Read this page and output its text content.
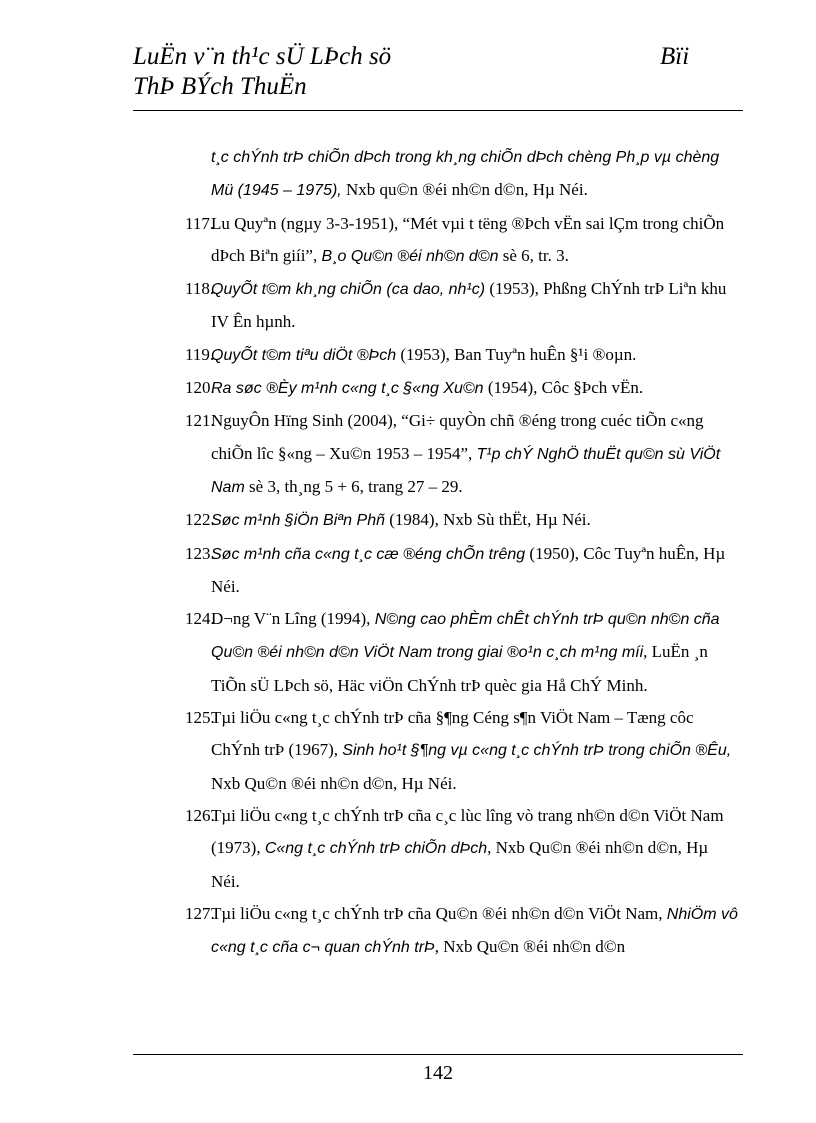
LuËn v¨n th¹c sÜ LÞch sö	Bïi
ThÞ BÝch ThuËn

t¸c chÝnh trÞ chiÕn dÞch trong kh¸ng chiÕn dÞch chèng Ph¸p vµ chèng Mü (1945 – 1975), Nxb qu©n ®éi nh©n d©n, Hµ Néi.

117.Lu Quyªn (ngµy 3-3-1951), “Mét vµi t tëng ®Þch vËn sai lÇm trong chiÕn dÞch Biªn giíi”, B¸o Qu©n ®éi nh©n d©n sè 6, tr. 3.

118.QuyÕt t©m kh¸ng chiÕn (ca dao, nh¹c) (1953), Phßng ChÝnh trÞ Liªn khu IV Ên hµnh.

119.QuyÕt t©m tiªu diÖt ®Þch (1953), Ban Tuyªn huÊn §¹i ®oµn.

120.Ra søc ®Èy m¹nh c«ng t¸c §«ng Xu©n (1954), Côc §Þch vËn.

121.NguyÔn Hïng Sinh (2004), “Gi÷ quyÒn chñ ®éng trong cuéc tiÕn c«ng chiÕn lîc §«ng – Xu©n 1953 – 1954”, T¹p chÝ NghÖ thuËt qu©n sù ViÖt Nam sè 3, th¸ng 5 + 6, trang 27 – 29.

122.Søc m¹nh §iÖn Biªn Phñ (1984), Nxb Sù thËt, Hµ Néi.

123.Søc m¹nh cña c«ng t¸c cæ ®éng chÕn trêng (1950), Côc Tuyªn huÊn, Hµ Néi.

124.D¬ng V¨n Lîng (1994), N©ng cao phÈm chÊt chÝnh trÞ qu©n nh©n cña Qu©n ®éi nh©n d©n ViÖt Nam trong giai ®o¹n c¸ch m¹ng míi, LuËn ¸n TiÕn sÜ LÞch sö, Häc viÖn ChÝnh trÞ quèc gia Hå ChÝ Minh.

125.Tµi liÖu c«ng t¸c chÝnh trÞ cña §¶ng Céng s¶n ViÖt Nam – Tæng côc ChÝnh trÞ (1967), Sinh ho¹t §¶ng vµ c«ng t¸c chÝnh trÞ trong chiÕn ®Êu, Nxb Qu©n ®éi nh©n d©n, Hµ Néi.

126.Tµi liÖu c«ng t¸c chÝnh trÞ cña c¸c lùc lîng vò trang nh©n d©n ViÖt Nam (1973), C«ng t¸c chÝnh trÞ chiÕn dÞch, Nxb Qu©n ®éi nh©n d©n, Hµ Néi.

127.Tµi liÖu c«ng t¸c chÝnh trÞ cña Qu©n ®éi nh©n d©n ViÖt Nam, NhiÖm vô c«ng t¸c cña c¬ quan chÝnh trÞ, Nxb Qu©n ®éi nh©n d©n

142
